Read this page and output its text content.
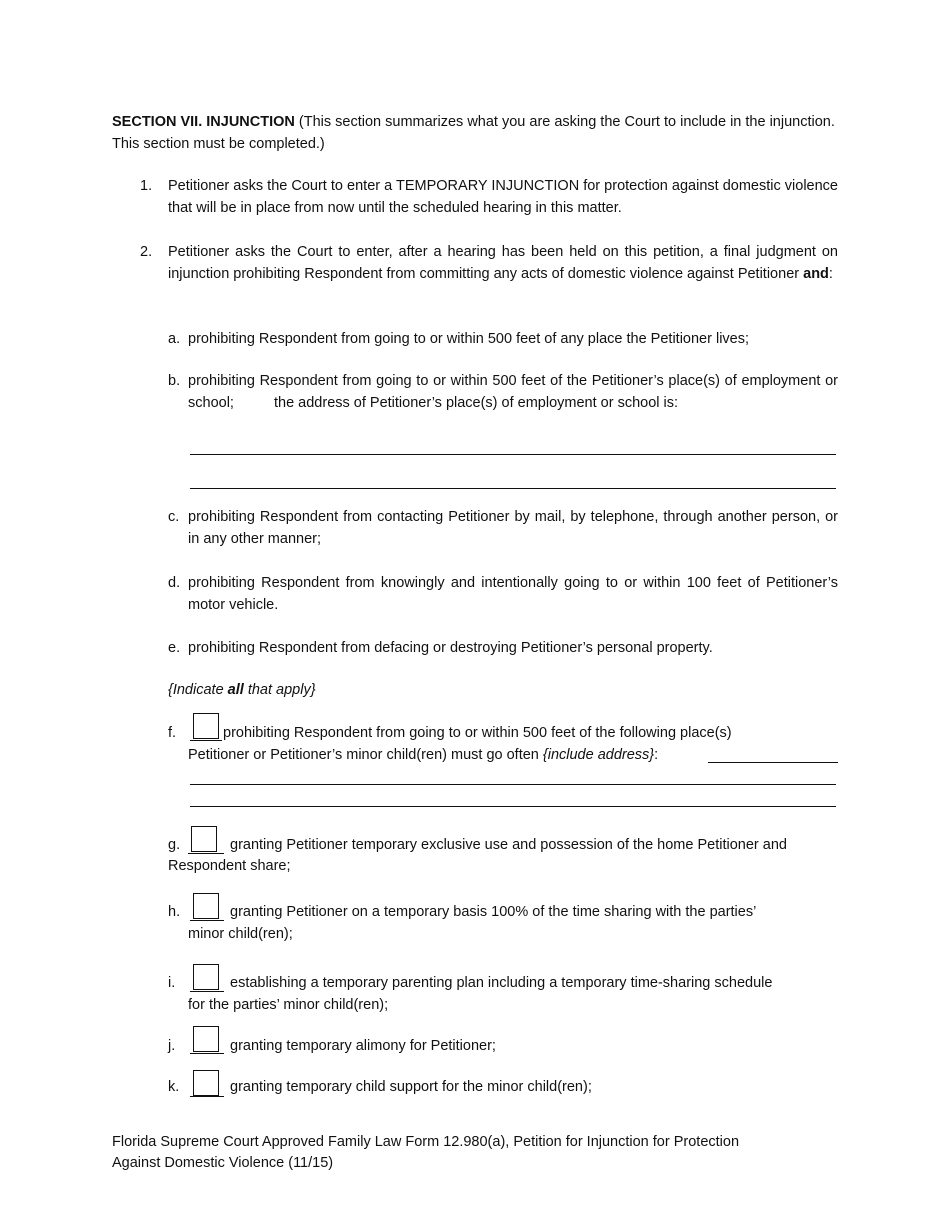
SECTION VII. INJUNCTION (This section summarizes what you are asking the Court to include in the injunction. This section must be completed.)
1. Petitioner asks the Court to enter a TEMPORARY INJUNCTION for protection against domestic violence that will be in place from now until the scheduled hearing in this matter.
2. Petitioner asks the Court to enter, after a hearing has been held on this petition, a final judgment on injunction prohibiting Respondent from committing any acts of domestic violence against Petitioner and:
a. prohibiting Respondent from going to or within 500 feet of any place the Petitioner lives;
b. prohibiting Respondent from going to or within 500 feet of the Petitioner’s place(s) of employment or school;	the address of Petitioner’s place(s) of employment or school is:
c. prohibiting Respondent from contacting Petitioner by mail, by telephone, through another person, or in any other manner;
d. prohibiting Respondent from knowingly and intentionally going to or within 100 feet of Petitioner’s motor vehicle.
e. prohibiting Respondent from defacing or destroying Petitioner’s personal property.
{Indicate all that apply}
f.	prohibiting Respondent from going to or within 500 feet of the following place(s)
Petitioner or Petitioner’s minor child(ren) must go often {include address}:
g.	granting Petitioner temporary exclusive use and possession of the home Petitioner and
Respondent share;
h.	granting Petitioner on a temporary basis 100% of the time sharing with the parties’
minor child(ren);
i.	establishing a temporary parenting plan including a temporary time-sharing schedule
for the parties’ minor child(ren);
j.	granting temporary alimony for Petitioner;
k.	granting temporary child support for the minor child(ren);
Florida Supreme Court Approved Family Law Form 12.980(a), Petition for Injunction for Protection
Against Domestic Violence (11/15)
